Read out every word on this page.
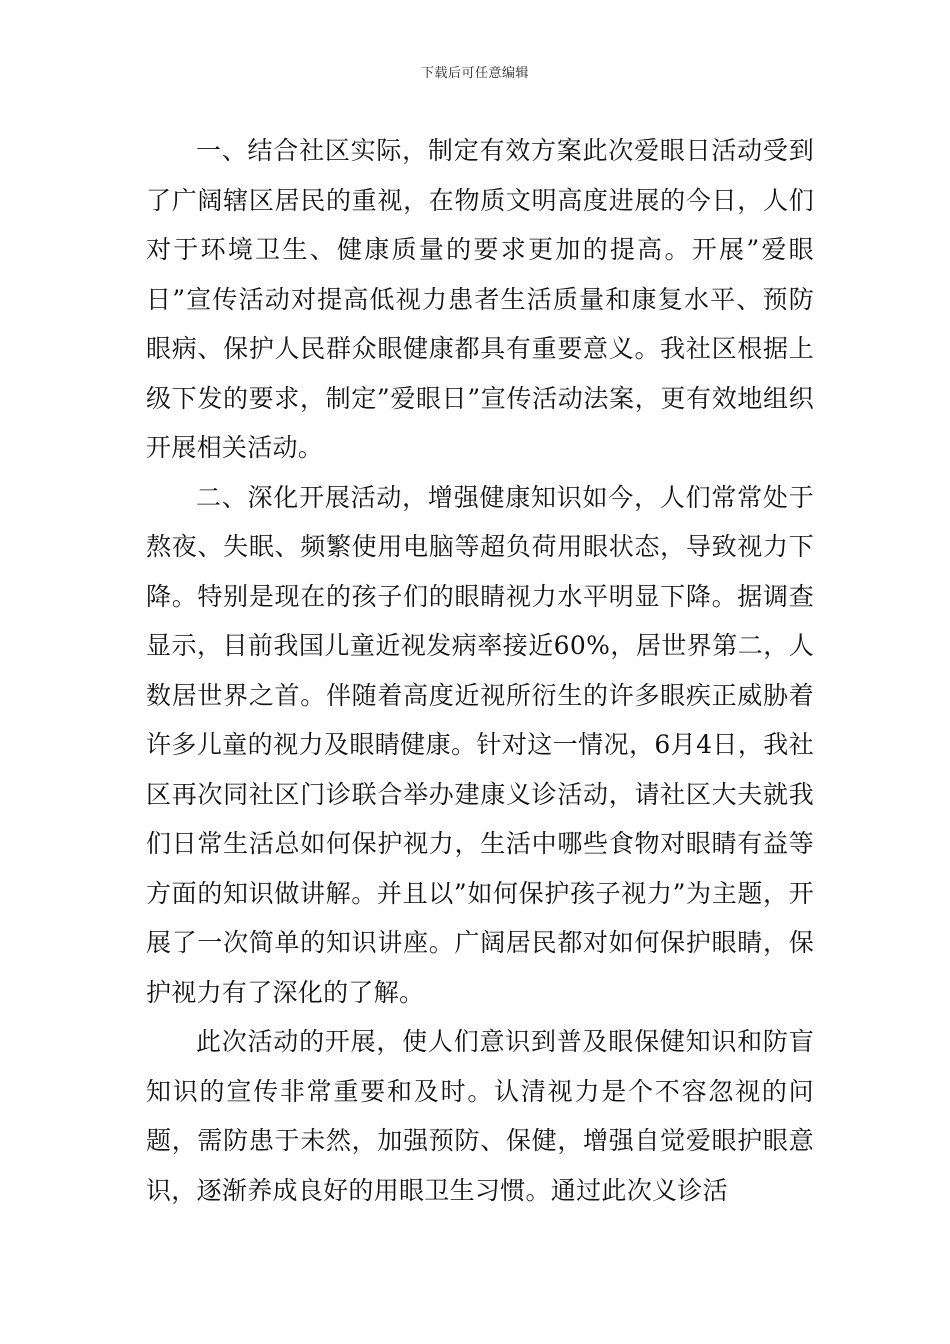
下载后可任意编辑

一、结合社区实际，制定有效方案此次爱眼日活动受到了广阔辖区居民的重视，在物质文明高度进展的今日，人们对于环境卫生、健康质量的要求更加的提高。开展”爱眼日”宣传活动对提高低视力患者生活质量和康复水平、预防眼病、保护人民群众眼健康都具有重要意义。我社区根据上级下发的要求，制定”爱眼日”宣传活动法案，更有效地组织开展相关活动。

二、深化开展活动，增强健康知识如今，人们常常处于熬夜、失眠、频繁使用电脑等超负荷用眼状态，导致视力下降。特别是现在的孩子们的眼睛视力水平明显下降。据调查显示，目前我国儿童近视发病率接近60%，居世界第二，人数居世界之首。伴随着高度近视所衍生的许多眼疾正威胁着许多儿童的视力及眼睛健康。针对这一情况，6月4日，我社区再次同社区门诊联合举办建康义诊活动，请社区大夫就我们日常生活总如何保护视力，生活中哪些食物对眼睛有益等方面的知识做讲解。并且以”如何保护孩子视力”为主题，开展了一次简单的知识讲座。广阔居民都对如何保护眼睛，保护视力有了深化的了解。

此次活动的开展，使人们意识到普及眼保健知识和防盲知识的宣传非常重要和及时。认清视力是个不容忽视的问题，需防患于未然，加强预防、保健，增强自觉爱眼护眼意识，逐渐养成良好的用眼卫生习惯。通过此次义诊活
